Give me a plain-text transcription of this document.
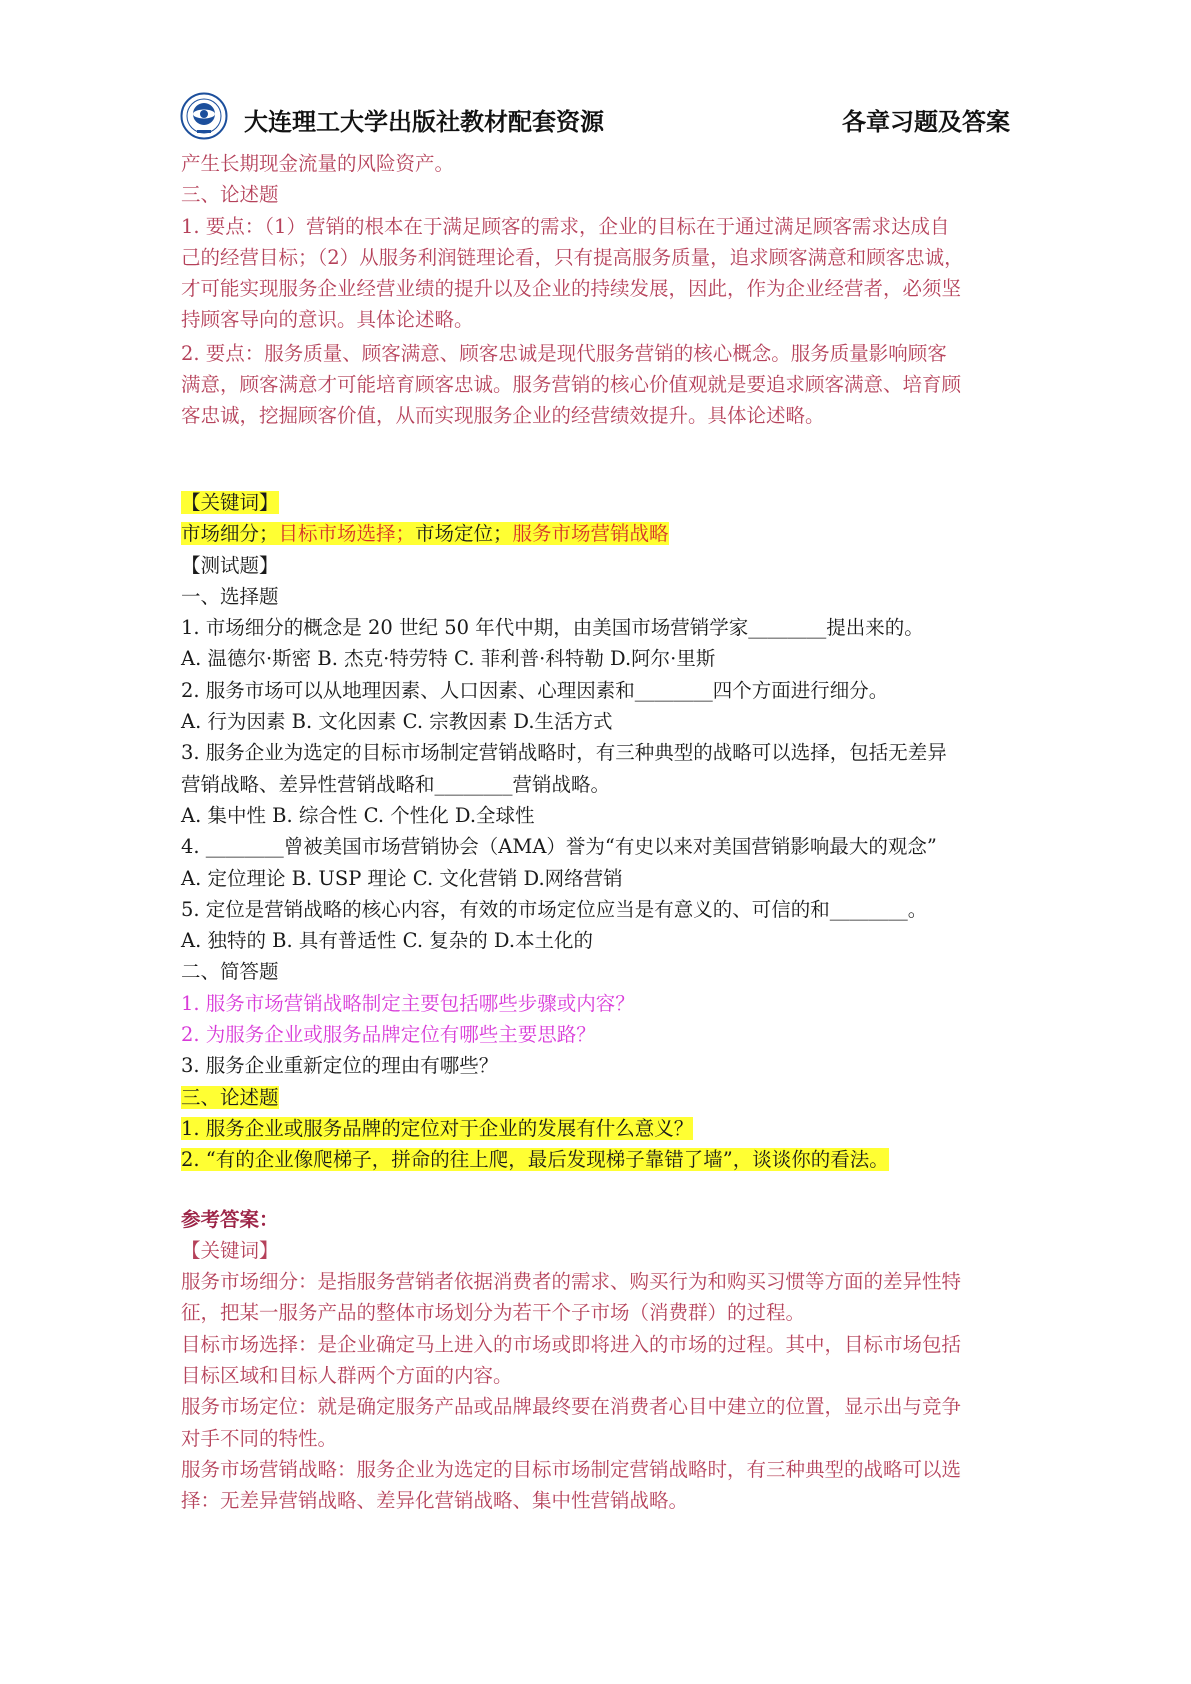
大连理工大学出版社教材配套资源	各章习题及答案
产生长期现金流量的风险资产。
三、论述题
1. 要点：（1）营销的根本在于满足顾客的需求，企业的目标在于通过满足顾客需求达成自
己的经营目标；（2）从服务利润链理论看，只有提高服务质量，追求顾客满意和顾客忠诚，
才可能实现服务企业经营业绩的提升以及企业的持续发展，因此，作为企业经营者，必须坚
持顾客导向的意识。具体论述略。
2. 要点：服务质量、顾客满意、顾客忠诚是现代服务营销的核心概念。服务质量影响顾客
满意，顾客满意才可能培育顾客忠诚。服务营销的核心价值观就是要追求顾客满意、培育顾
客忠诚，挖掘顾客价值，从而实现服务企业的经营绩效提升。具体论述略。
【关键词】
市场细分；目标市场选择；市场定位；服务市场营销战略
【测试题】
一、选择题
1. 市场细分的概念是 20 世纪 50 年代中期，由美国市场营销学家________提出来的。
A. 温德尔·斯密 B. 杰克·特劳特 C. 菲利普·科特勒 D.阿尔·里斯
2. 服务市场可以从地理因素、人口因素、心理因素和________四个方面进行细分。
A. 行为因素 B. 文化因素 C. 宗教因素 D.生活方式
3. 服务企业为选定的目标市场制定营销战略时，有三种典型的战略可以选择，包括无差异
营销战略、差异性营销战略和________营销战略。
A. 集中性 B. 综合性 C. 个性化 D.全球性
4. ________曾被美国市场营销协会（AMA）誉为“有史以来对美国营销影响最大的观念”
A. 定位理论 B. USP 理论 C. 文化营销 D.网络营销
5. 定位是营销战略的核心内容，有效的市场定位应当是有意义的、可信的和________。
A. 独特的 B. 具有普适性 C. 复杂的 D.本土化的
二、简答题
1. 服务市场营销战略制定主要包括哪些步骤或内容？
2. 为服务企业或服务品牌定位有哪些主要思路？
3. 服务企业重新定位的理由有哪些？
三、论述题
1. 服务企业或服务品牌的定位对于企业的发展有什么意义？
2. “有的企业像爬梯子，拼命的往上爬，最后发现梯子靠错了墙”，谈谈你的看法。
参考答案：
【关键词】
服务市场细分：是指服务营销者依据消费者的需求、购买行为和购买习惯等方面的差异性特
征，把某一服务产品的整体市场划分为若干个子市场（消费群）的过程。
目标市场选择：是企业确定马上进入的市场或即将进入的市场的过程。其中，目标市场包括
目标区域和目标人群两个方面的内容。
服务市场定位：就是确定服务产品或品牌最终要在消费者心目中建立的位置，显示出与竞争
对手不同的特性。
服务市场营销战略：服务企业为选定的目标市场制定营销战略时，有三种典型的战略可以选
择：无差异营销战略、差异化营销战略、集中性营销战略。
